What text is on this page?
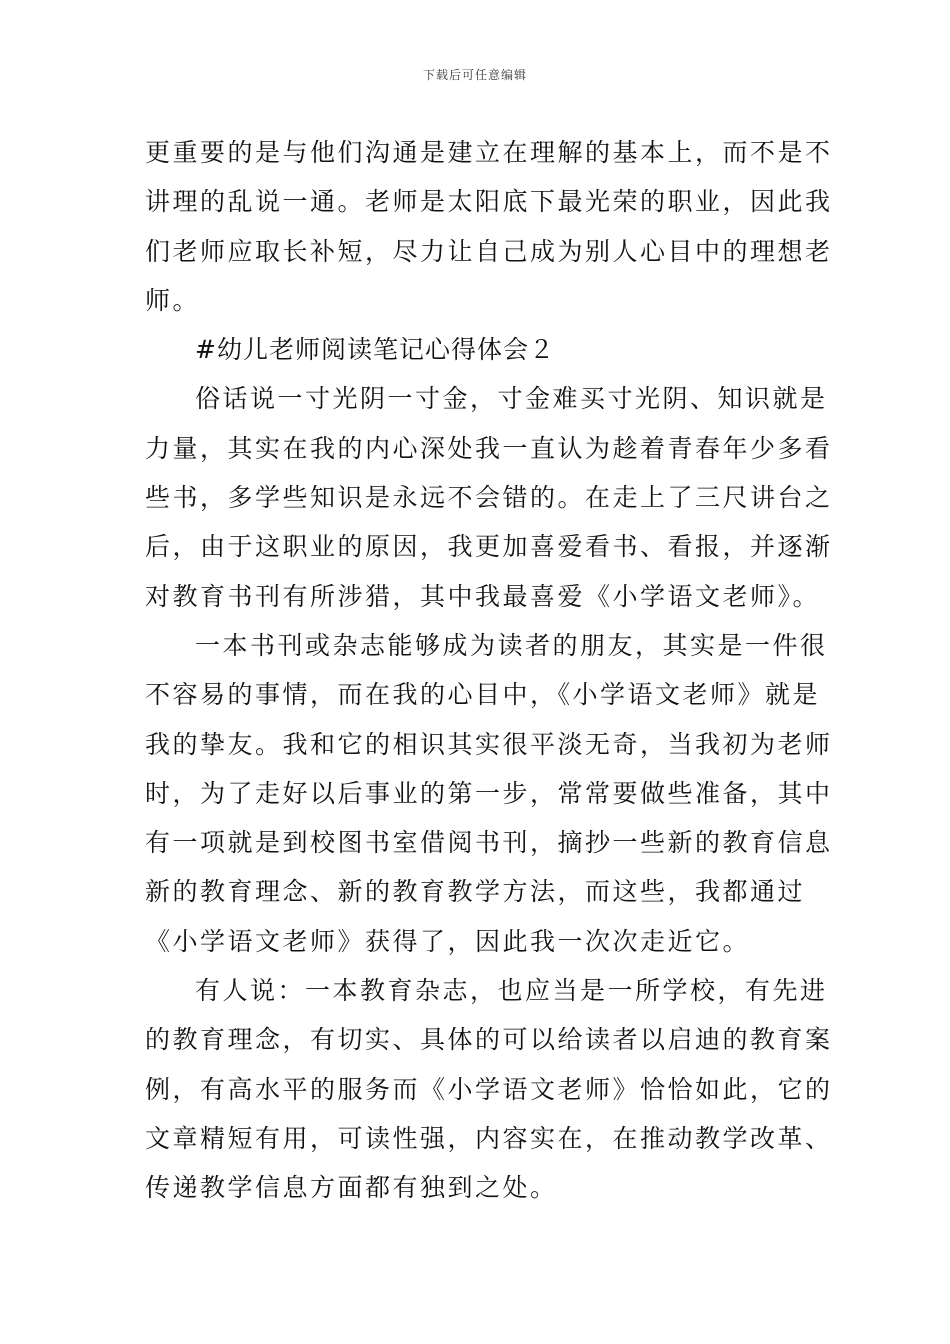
下载后可任意编辑
更重要的是与他们沟通是建立在理解的基本上，而不是不
讲理的乱说一通。老师是太阳底下最光荣的职业，因此我
们老师应取长补短，尽力让自己成为别人心目中的理想老
师。
#幼儿老师阅读笔记心得体会２
俗话说一寸光阴一寸金，寸金难买寸光阴、知识就是
力量，其实在我的内心深处我一直认为趁着青春年少多看
些书，多学些知识是永远不会错的。在走上了三尺讲台之
后，由于这职业的原因，我更加喜爱看书、看报，并逐渐
对教育书刊有所涉猎，其中我最喜爱《小学语文老师》。
一本书刊或杂志能够成为读者的朋友，其实是一件很
不容易的事情，而在我的心目中，《小学语文老师》就是
我的挚友。我和它的相识其实很平淡无奇，当我初为老师
时，为了走好以后事业的第一步，常常要做些准备，其中
有一项就是到校图书室借阅书刊，摘抄一些新的教育信息
新的教育理念、新的教育教学方法，而这些，我都通过
《小学语文老师》获得了，因此我一次次走近它。
有人说：一本教育杂志，也应当是一所学校，有先进
的教育理念，有切实、具体的可以给读者以启迪的教育案
例，有高水平的服务而《小学语文老师》恰恰如此，它的
文章精短有用，可读性强，内容实在，在推动教学改革、
传递教学信息方面都有独到之处。
